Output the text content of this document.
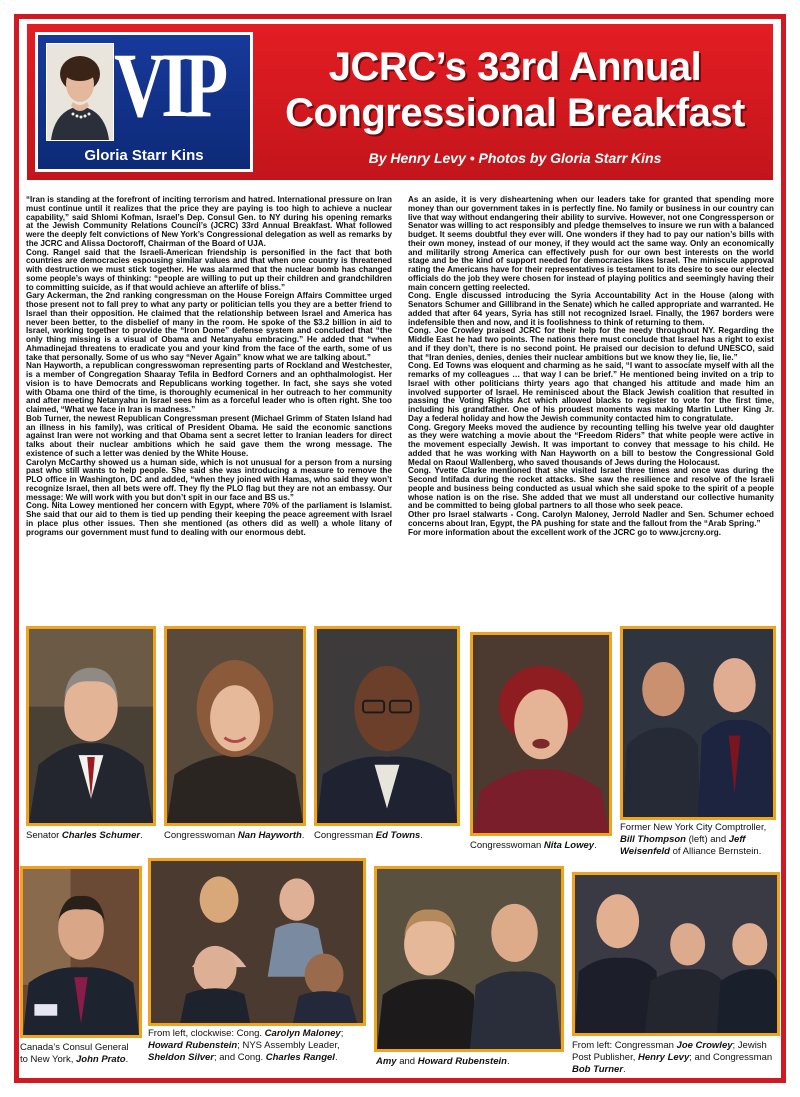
VIP
Gloria Starr Kins
JCRC’s 33rd Annual
Congressional Breakfast
By Henry Levy • Photos by Gloria Starr Kins

“Iran is standing at the forefront of inciting terrorism and hatred. International pressure on Iran must continue until it realizes that the price they are paying is too high to achieve a nuclear capability,” said Shlomi Kofman, Israel’s Dep. Consul Gen. to NY during his opening remarks at the Jewish Community Relations Council’s (JCRC) 33rd Annual Breakfast. What followed were the deeply felt convictions of New York’s Congressional delegation as well as remarks by the JCRC and Alissa Doctoroff, Chairman of the Board of UJA.

Cong. Rangel said that the Israeli-American friendship is personified in the fact that both countries are democracies espousing similar values and that when one country is threatened with destruction we must stick together. He was alarmed that the nuclear bomb has changed some people’s ways of thinking: “people are willing to put up their children and grandchildren to committing suicide, as if that would achieve an afterlife of bliss.”

Gary Ackerman, the 2nd ranking congressman on the House Foreign Affairs Committee urged those present not to fall prey to what any party or politician tells you they are a better friend to Israel than their opposition. He claimed that the relationship between Israel and America has never been better, to the disbelief of many in the room. He spoke of the $3.2 billion in aid to Israel, working together to provide the “Iron Dome” defense system and concluded that “the only thing missing is a visual of Obama and Netanyahu embracing.” He added that “when Ahmadinejad threatens to eradicate you and your kind from the face of the earth, some of us take that personally. Some of us who say “Never Again” know what we are talking about.”

Nan Hayworth, a republican congresswoman representing parts of Rockland and Westchester, is a member of Congregation Shaaray Tefila in Bedford Corners and an ophthalmologist. Her vision is to have Democrats and Republicans working together. In fact, she says she voted with Obama one third of the time, is thoroughly ecumenical in her outreach to her community and after meeting Netanyahu in Israel sees him as a forceful leader who is often right. She too claimed, “What we face in Iran is madness.”

Bob Turner, the newest Republican Congressman present (Michael Grimm of Staten Island had an illness in his family), was critical of President Obama. He said the economic sanctions against Iran were not working and that Obama sent a secret letter to Iranian leaders for direct talks about their nuclear ambitions which he said gave them the wrong message. The existence of such a letter was denied by the White House.

Carolyn McCarthy showed us a human side, which is not unusual for a person from a nursing past who still wants to help people. She said she was introducing a measure to remove the PLO office in Washington, DC and added, “when they joined with Hamas, who said they won’t recognize Israel, then all bets were off. They fly the PLO flag but they are not an embassy. Our message: We will work with you but don’t spit in our face and BS us.”

Cong. Nita Lowey mentioned her concern with Egypt, where 70% of the parliament is Islamist. She said that our aid to them is tied up pending their keeping the peace agreement with Israel in place plus other issues. Then she mentioned (as others did as well) a whole litany of programs our government must fund to dealing with our enormous debt.

As an aside, it is very disheartening when our leaders take for granted that spending more money than our government takes in is perfectly fine. No family or business in our country can live that way without endangering their ability to survive. However, not one Congressperson or Senator was willing to act responsibly and pledge themselves to insure we run with a balanced budget. It seems doubtful they ever will. One wonders if they had to pay our nation’s bills with their own money, instead of our money, if they would act the same way. Only an economically and militarily strong America can effectively push for our own best interests on the world stage and be the kind of support needed for democracies likes Israel. The miniscule approval rating the Americans have for their representatives is testament to its desire to see our elected officials do the job they were chosen for instead of playing politics and seemingly having their main concern getting reelected.

Cong. Engle discussed introducing the Syria Accountability Act in the House (along with Senators Schumer and Gillibrand in the Senate) which he called appropriate and warranted. He added that after 64 years, Syria has still not recognized Israel. Finally, the 1967 borders were indefensible then and now, and it is foolishness to think of returning to them.

Cong. Joe Crowley praised JCRC for their help for the needy throughout NY. Regarding the Middle East he had two points. The nations there must conclude that Israel has a right to exist and if they don’t, there is no second point. He praised our decision to defund UNESCO, said that “Iran denies, denies, denies their nuclear ambitions but we know they lie, lie, lie.”

Cong. Ed Towns was eloquent and charming as he said, “I want to associate myself with all the remarks of my colleagues … that way I can be brief.” He mentioned being invited on a trip to Israel with other politicians thirty years ago that changed his attitude and made him an involved supporter of Israel. He reminisced about the Black Jewish coalition that resulted in passing the Voting Rights Act which allowed blacks to register to vote for the first time, including his grandfather. One of his proudest moments was making Martin Luther King Jr. Day a federal holiday and how the Jewish community contacted him to congratulate.

Cong. Gregory Meeks moved the audience by recounting telling his twelve year old daughter as they were watching a movie about the “Freedom Riders” that white people were active in the movement especially Jewish. It was important to convey that message to his child. He added that he was working with Nan Hayworth on a bill to bestow the Congressional Gold Medal on Raoul Wallenberg, who saved thousands of Jews during the Holocaust.

Cong. Yvette Clarke mentioned that she visited Israel three times and once was during the Second Intifada during the rocket attacks. She saw the resilience and resolve of the Israeli people and business being conducted as usual which she said spoke to the spirit of a people whose nation is on the rise. She added that we must all understand our collective humanity and be committed to being global partners to all those who seek peace.

Other pro Israel stalwarts - Cong. Carolyn Maloney, Jerrold Nadler and Sen. Schumer echoed concerns about Iran, Egypt, the PA pushing for state and the fallout from the “Arab Spring.”

For more information about the excellent work of the JCRC go to www.jcrcny.org.

Senator Charles Schumer.	Congresswoman Nan Hayworth.	Congressman Ed Towns.
Congresswoman Nita Lowey.
Former New York City Comptroller,
Bill Thompson (left) and Jeff
Weisenfeld of Alliance Bernstein.
Canada’s Consul General
to New York, John Prato.
From left, clockwise: Cong. Carolyn Maloney;
Howard Rubenstein; NYS Assembly Leader,
Sheldon Silver; and Cong. Charles Rangel.	Amy and Howard Rubenstein.
From left: Congressman Joe Crowley; Jewish
Post Publisher, Henry Levy; and Congressman
Bob Turner.
